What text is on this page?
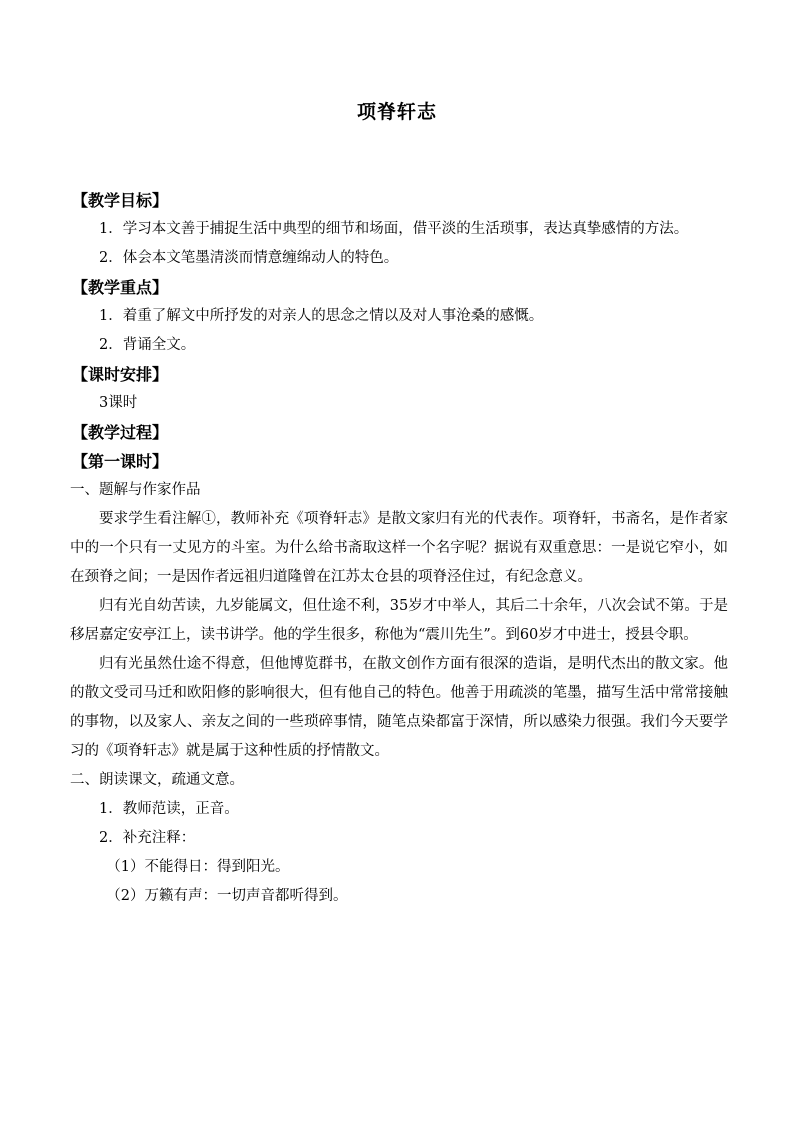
项脊轩志

【教学目标】

1．学习本文善于捕捉生活中典型的细节和场面，借平淡的生活琐事，表达真挚感情的方法。

2．体会本文笔墨清淡而情意缠绵动人的特色。

【教学重点】

1．着重了解文中所抒发的对亲人的思念之情以及对人事沧桑的感慨。

2．背诵全文。

【课时安排】

3课时

【教学过程】

【第一课时】

一、题解与作家作品

要求学生看注解①，教师补充《项脊轩志》是散文家归有光的代表作。项脊轩，书斋名，是作者家中的一个只有一丈见方的斗室。为什么给书斋取这样一个名字呢？据说有双重意思：一是说它窄小，如在颈脊之间；一是因作者远祖归道隆曾在江苏太仓县的项脊泾住过，有纪念意义。

归有光自幼苦读，九岁能属文，但仕途不利，35岁才中举人，其后二十余年，八次会试不第。于是移居嘉定安亭江上，读书讲学。他的学生很多，称他为“震川先生”。到60岁才中进士，授县令职。

归有光虽然仕途不得意，但他博览群书，在散文创作方面有很深的造诣，是明代杰出的散文家。他的散文受司马迁和欧阳修的影响很大，但有他自己的特色。他善于用疏淡的笔墨，描写生活中常常接触的事物，以及家人、亲友之间的一些琐碎事情，随笔点染都富于深情，所以感染力很强。我们今天要学习的《项脊轩志》就是属于这种性质的抒情散文。

二、朗读课文，疏通文意。

1．教师范读，正音。

2．补充注释：

（1）不能得日：得到阳光。

（2）万籁有声：一切声音都听得到。
